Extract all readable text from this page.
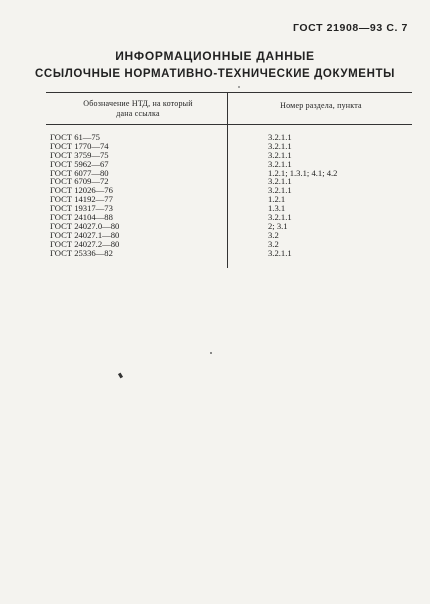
ГОСТ 21908—93 С. 7
ИНФОРМАЦИОННЫЕ ДАННЫЕ
ССЫЛОЧНЫЕ НОРМАТИВНО-ТЕХНИЧЕСКИЕ ДОКУМЕНТЫ
Обозначение НТД, на который
дана ссылка
Номер раздела, пункта
ГОСТ 61—75	3.2.1.1
ГОСТ 1770—74	3.2.1.1
ГОСТ 3759—75	3.2.1.1
ГОСТ 5962—67	3.2.1.1
ГОСТ 6077—80	1.2.1; 1.3.1; 4.1; 4.2
ГОСТ 6709—72	3.2.1.1
ГОСТ 12026—76	3.2.1.1
ГОСТ 14192—77	1.2.1
ГОСТ 19317—73	1.3.1
ГОСТ 24104—88	3.2.1.1
ГОСТ 24027.0—80	2; 3.1
ГОСТ 24027.1—80	3.2
ГОСТ 24027.2—80	3.2
ГОСТ 25336—82	3.2.1.1
